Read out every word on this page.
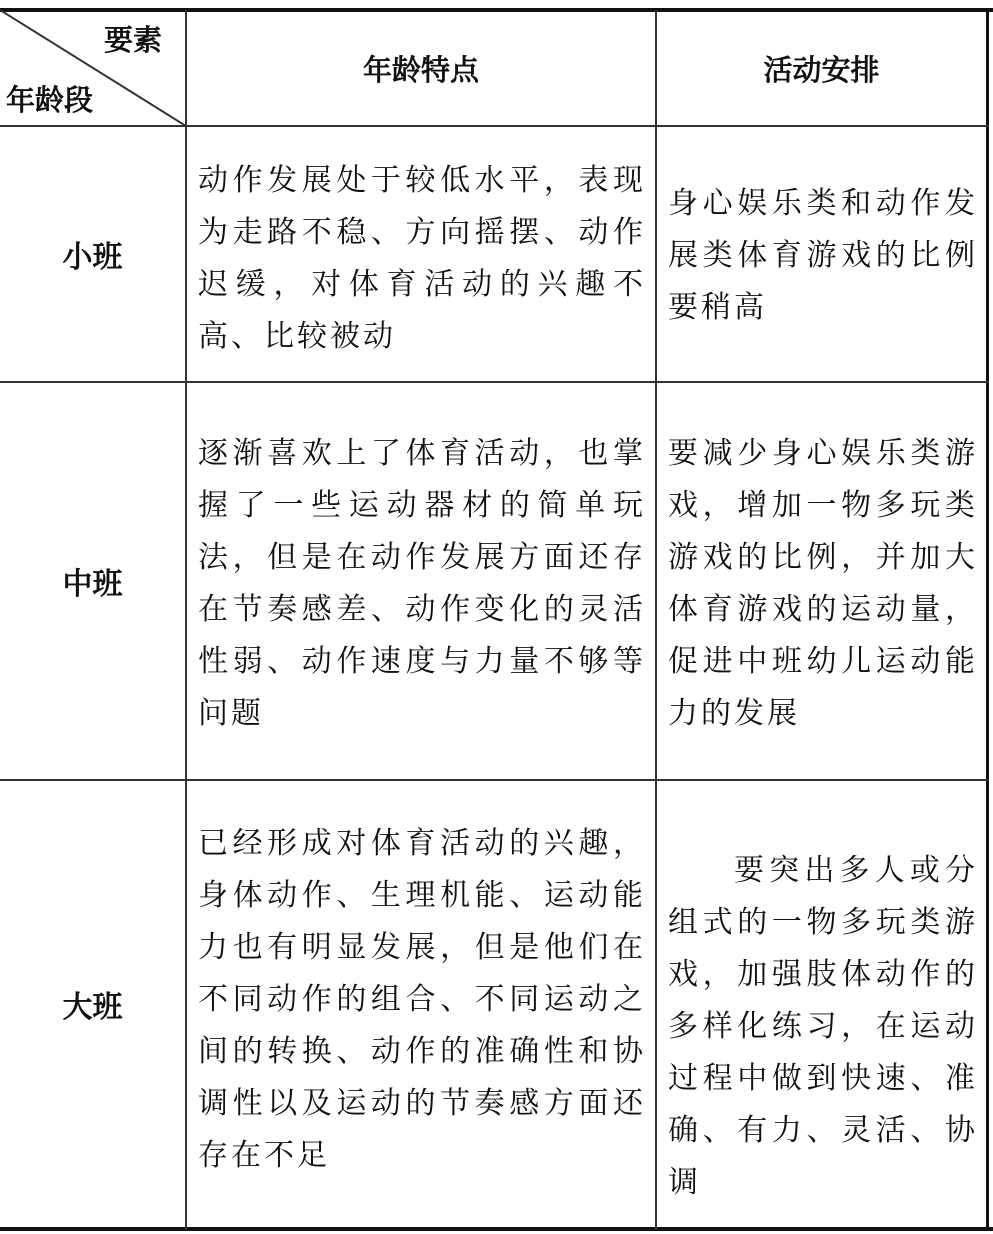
要素
年龄段
年龄特点	活动安排
小班
动作发展处于较低水平，表现为走路不稳、方向摇摆、动作迟缓，对体育活动的兴趣不高、比较被动
身心娱乐类和动作发展类体育游戏的比例要稍高
中班
逐渐喜欢上了体育活动，也掌握了一些运动器材的简单玩法，但是在动作发展方面还存在节奏感差、动作变化的灵活性弱、动作速度与力量不够等问题
要减少身心娱乐类游戏，增加一物多玩类游戏的比例，并加大体育游戏的运动量，促进中班幼儿运动能力的发展
大班
已经形成对体育活动的兴趣，身体动作、生理机能、运动能力也有明显发展，但是他们在不同动作的组合、不同运动之间的转换、动作的准确性和协调性以及运动的节奏感方面还存在不足
要突出多人或分组式的一物多玩类游戏，加强肢体动作的多样化练习，在运动过程中做到快速、准确、有力、灵活、协调
